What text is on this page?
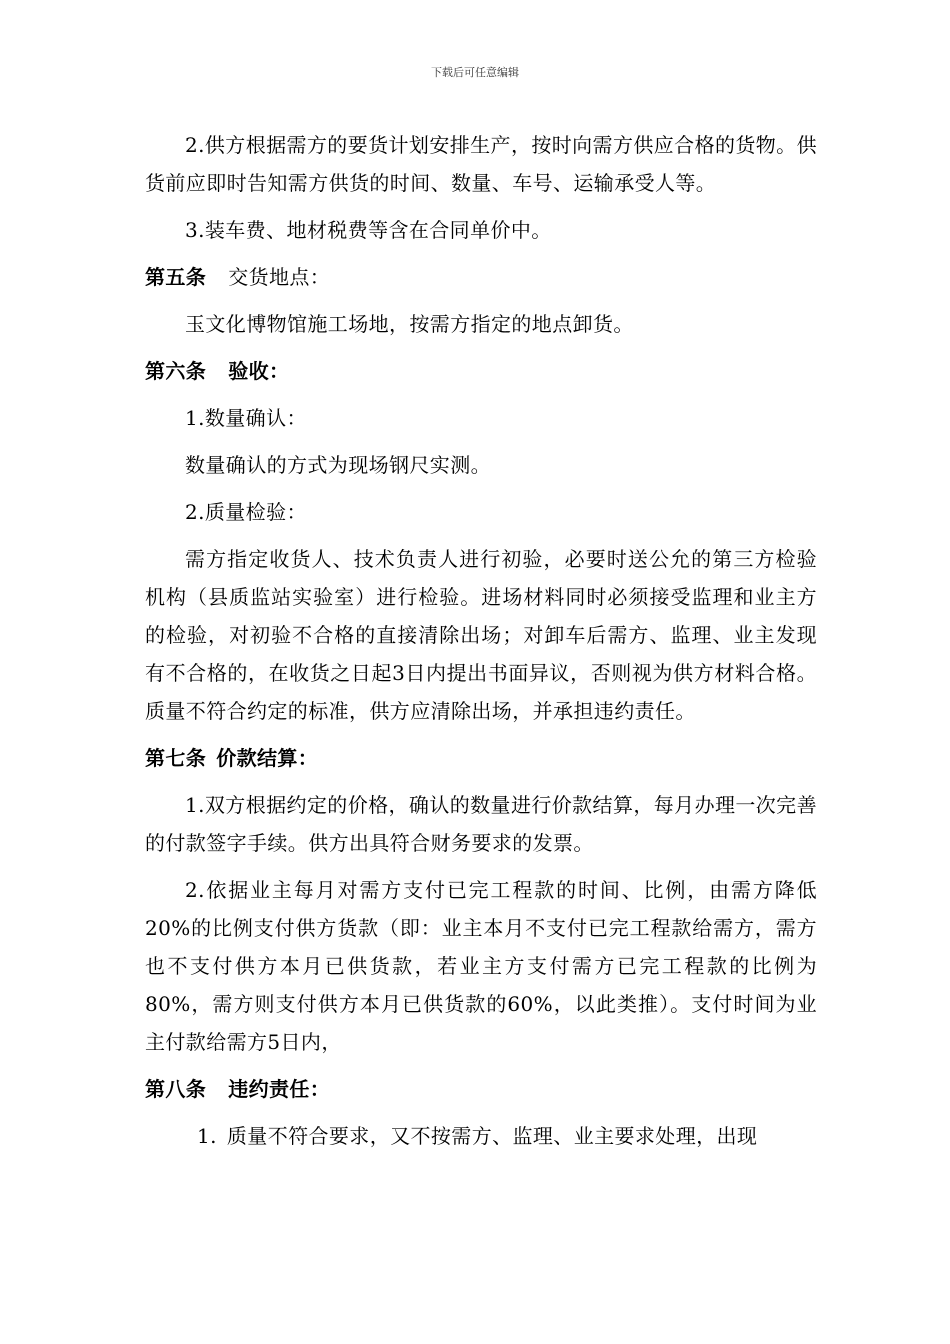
下载后可任意编辑

2.供方根据需方的要货计划安排生产，按时向需方供应合格的货物。供货前应即时告知需方供货的时间、数量、车号、运输承受人等。

3.装车费、地材税费等含在合同单价中。

第五条 交货地点：

玉文化博物馆施工场地，按需方指定的地点卸货。

第六条 验收：

1.数量确认：

数量确认的方式为现场钢尺实测。

2.质量检验：

需方指定收货人、技术负责人进行初验，必要时送公允的第三方检验机构（县质监站实验室）进行检验。进场材料同时必须接受监理和业主方的检验，对初验不合格的直接清除出场；对卸车后需方、监理、业主发现有不合格的，在收货之日起3日内提出书面异议，否则视为供方材料合格。质量不符合约定的标准，供方应清除出场，并承担违约责任。

第七条 价款结算：

1.双方根据约定的价格，确认的数量进行价款结算，每月办理一次完善的付款签字手续。供方出具符合财务要求的发票。

2.依据业主每月对需方支付已完工程款的时间、比例，由需方降低20%的比例支付供方货款（即：业主本月不支付已完工程款给需方，需方也不支付供方本月已供货款，若业主方支付需方已完工程款的比例为80%，需方则支付供方本月已供货款的60%，以此类推）。支付时间为业主付款给需方5日内，

第八条 违约责任：

1. 质量不符合要求，又不按需方、监理、业主要求处理，出现
